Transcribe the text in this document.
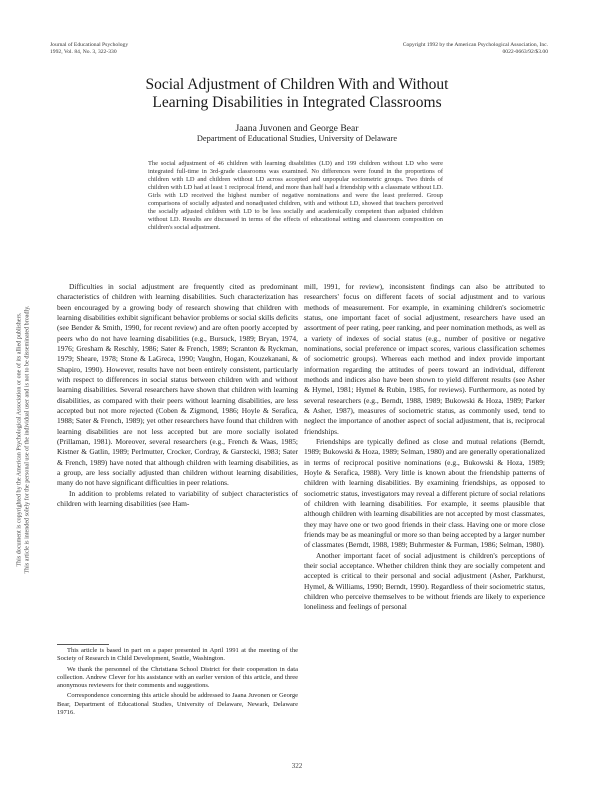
Journal of Educational Psychology
1992, Vol. 84, No. 3, 322-330
Copyright 1992 by the American Psychological Association, Inc.
0022-0663/92/$3.00
Social Adjustment of Children With and Without
Learning Disabilities in Integrated Classrooms
Jaana Juvonen and George Bear
Department of Educational Studies, University of Delaware

The social adjustment of 46 children with learning disabilities (LD) and 199 children without LD who were integrated full-time in 3rd-grade classrooms was examined. No differences were found in the proportions of children with LD and children without LD across accepted and unpopular sociometric groups. Two thirds of children with LD had at least 1 reciprocal friend, and more than half had a friendship with a classmate without LD. Girls with LD received the highest number of negative nominations and were the least preferred. Group comparisons of socially adjusted and nonadjusted children, with and without LD, showed that teachers perceived the socially adjusted children with LD to be less socially and academically competent than adjusted children without LD. Results are discussed in terms of the effects of educational setting and classroom composition on children's social adjustment.

This document is copyrighted by the American Psychological Association or one of its allied publishers. This article is intended solely for the personal use of the individual user and is not to be disseminated broadly.

Difficulties in social adjustment are frequently cited as predominant characteristics of children with learning disabilities. Such characterization has been encouraged by a growing body of research showing that children with learning disabilities exhibit significant behavior problems or social skills deficits (see Bender & Smith, 1990, for recent review) and are often poorly accepted by peers who do not have learning disabilities (e.g., Bursuck, 1989; Bryan, 1974, 1976; Gresham & Reschly, 1986; Sater & French, 1989; Scranton & Ryckman, 1979; Sheare, 1978; Stone & LaGreca, 1990; Vaughn, Hogan, Kouzekanani, & Shapiro, 1990). However, results have not been entirely consistent, particularly with respect to differences in social status between children with and without learning disabilities. Several researchers have shown that children with learning disabilities, as compared with their peers without learning disabilities, are less accepted but not more rejected (Coben & Zigmond, 1986; Hoyle & Serafica, 1988; Sater & French, 1989); yet other researchers have found that children with learning disabilities are not less accepted but are more socially isolated (Prillaman, 1981). Moreover, several researchers (e.g., French & Waas, 1985; Kistner & Gatlin, 1989; Perlmutter, Crocker, Cordray, & Garstecki, 1983; Sater & French, 1989) have noted that although children with learning disabilities, as a group, are less socially adjusted than children without learning disabilities, many do not have significant difficulties in peer relations.

In addition to problems related to variability of subject characteristics of children with learning disabilities (see Ham-

This article is based in part on a paper presented in April 1991 at the meeting of the Society of Research in Child Development, Seattle, Washington.

We thank the personnel of the Christiana School District for their cooperation in data collection. Andrew Clever for his assistance with an earlier version of this article, and three anonymous reviewers for their comments and suggestions.

Correspondence concerning this article should be addressed to Jaana Juvonen or George Bear, Department of Educational Studies, University of Delaware, Newark, Delaware 19716.

mill, 1991, for review), inconsistent findings can also be attributed to researchers' focus on different facets of social adjustment and to various methods of measurement. For example, in examining children's sociometric status, one important facet of social adjustment, researchers have used an assortment of peer rating, peer ranking, and peer nomination methods, as well as a variety of indexes of social status (e.g., number of positive or negative nominations, social preference or impact scores, various classification schemes of sociometric groups). Whereas each method and index provide important information regarding the attitudes of peers toward an individual, different methods and indices also have been shown to yield different results (see Asher & Hymel, 1981; Hymel & Rubin, 1985, for reviews). Furthermore, as noted by several researchers (e.g., Berndt, 1988, 1989; Bukowski & Hoza, 1989; Parker & Asher, 1987), measures of sociometric status, as commonly used, tend to neglect the importance of another aspect of social adjustment, that is, reciprocal friendships.

Friendships are typically defined as close and mutual relations (Berndt, 1989; Bukowski & Hoza, 1989; Selman, 1980) and are generally operationalized in terms of reciprocal positive nominations (e.g., Bukowski & Hoza, 1989; Hoyle & Serafica, 1988). Very little is known about the friendship patterns of children with learning disabilities. By examining friendships, as opposed to sociometric status, investigators may reveal a different picture of social relations of children with learning disabilities. For example, it seems plausible that although children with learning disabilities are not accepted by most classmates, they may have one or two good friends in their class. Having one or more close friends may be as meaningful or more so than being accepted by a larger number of classmates (Berndt, 1988, 1989; Buhrmester & Furman, 1986; Selman, 1980).

Another important facet of social adjustment is children's perceptions of their social acceptance. Whether children think they are socially competent and accepted is critical to their personal and social adjustment (Asher, Parkhurst, Hymel, & Williams, 1990; Berndt, 1990). Regardless of their sociometric status, children who perceive themselves to be without friends are likely to experience loneliness and feelings of personal

322
